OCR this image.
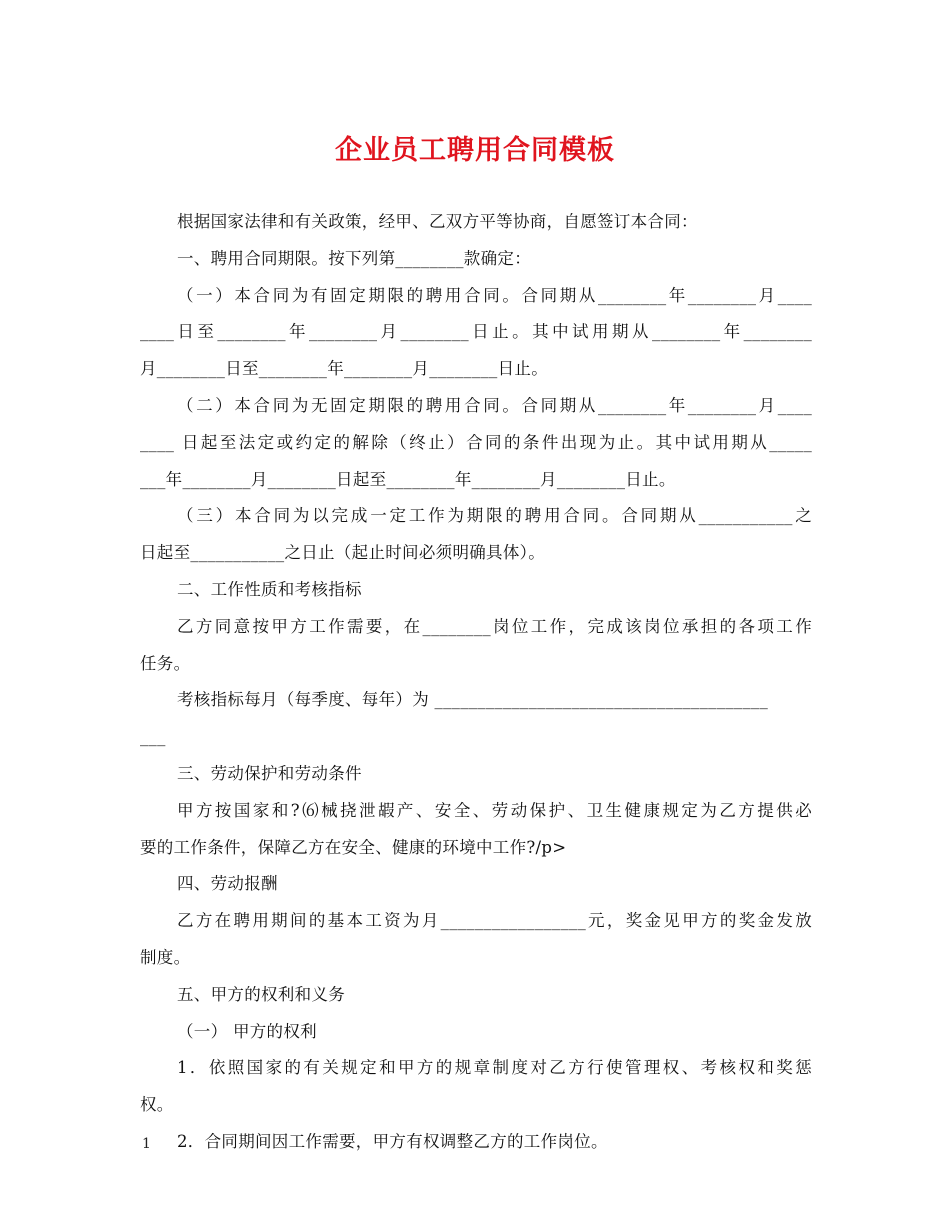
企业员工聘用合同模板
根据国家法律和有关政策，经甲、乙双方平等协商，自愿签订本合同：
一、聘用合同期限。按下列第________款确定：
（一）本合同为有固定期限的聘用合同。合同期从________年________月____
____日至________年________月________日止。其中试用期从________年________
月________日至________年________月________日止。
（二）本合同为无固定期限的聘用合同。合同期从________年________月____
____ 日起至法定或约定的解除（终止）合同的条件出现为止。其中试用期从_____
___年________月________日起至________年________月________日止。
（三）本合同为以完成一定工作为期限的聘用合同。合同期从___________之
日起至___________之日止（起止时间必须明确具体）。
二、工作性质和考核指标
乙方同意按甲方工作需要，在________岗位工作，完成该岗位承担的各项工作
任务。
考核指标每月（每季度、每年）为 _______________________________________
___
三、劳动保护和劳动条件
甲方按国家和?⑹械挠泄嘏产、安全、劳动保护、卫生健康规定为乙方提供必
要的工作条件，保障乙方在安全、健康的环境中工作?/p>
四、劳动报酬
乙方在聘用期间的基本工资为月_________________元，奖金见甲方的奖金发放
制度。
五、甲方的权利和义务
（一） 甲方的权利
1．依照国家的有关规定和甲方的规章制度对乙方行使管理权、考核权和奖惩
权。
2．合同期间因工作需要，甲方有权调整乙方的工作岗位。
1
